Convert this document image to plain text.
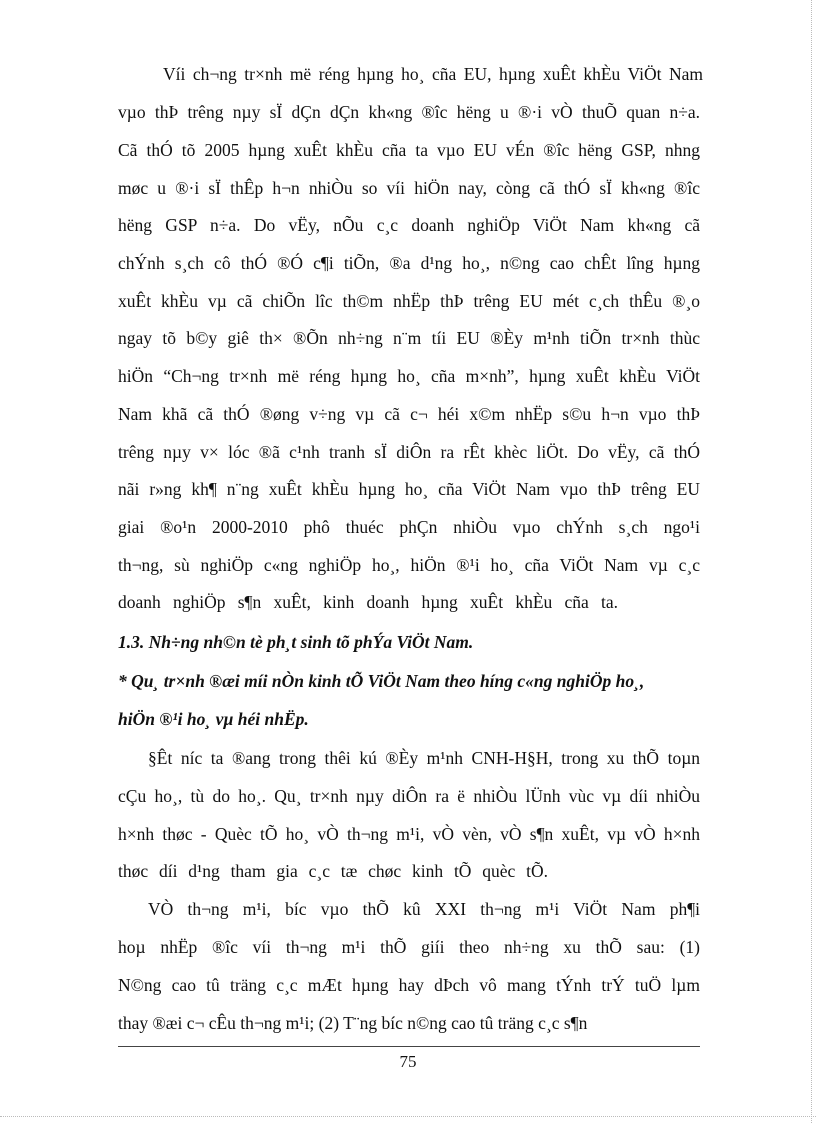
Víi ch¬ng tr×nh më réng hµng ho¸ cña EU, hµng xuÊt khÈu ViÖt Nam
vµo thÞ trêng nµy sÏ dÇn dÇn kh«ng ®îc hëng u ®·i vÒ thuÕ quan n÷a.
Cã thÓ tõ 2005 hµng xuÊt khÈu cña ta vµo EU vÉn ®îc hëng GSP, nhng
møc u ®·i sÏ thÊp h¬n nhiÒu so víi hiÖn nay, còng cã thÓ sÏ kh«ng ®îc
hëng GSP n÷a. Do vËy, nÕu c¸c doanh nghiÖp ViÖt Nam kh«ng cã
chÝnh s¸ch cô thÓ ®Ó c¶i tiÕn, ®a d¹ng ho¸, n©ng cao chÊt lîng hµng
xuÊt khÈu vµ cã chiÕn lîc th©m nhËp thÞ trêng EU mét c¸ch thÊu ®¸o
ngay tõ b©y giê th× ®Õn nh÷ng n¨m tíi EU ®Èy m¹nh tiÕn tr×nh thùc
hiÖn “Ch¬ng tr×nh më réng hµng ho¸ cña m×nh”, hµng xuÊt khÈu ViÖt
Nam khã cã thÓ ®øng v÷ng vµ cã c¬ héi x©m nhËp s©u h¬n vµo thÞ
trêng nµy v× lóc ®ã c¹nh tranh sÏ diÔn ra rÊt khèc liÖt. Do vËy, cã thÓ
nãi r»ng kh¶ n¨ng xuÊt khÈu hµng ho¸ cña ViÖt Nam vµo thÞ trêng EU
giai ®o¹n 2000-2010 phô thuéc phÇn nhiÒu vµo chÝnh s¸ch ngo¹i
th¬ng, sù nghiÖp c«ng nghiÖp ho¸, hiÖn ®¹i ho¸ cña ViÖt Nam vµ c¸c
doanh nghiÖp s¶n xuÊt, kinh doanh hµng xuÊt khÈu cña ta.
1.3. Nh÷ng nh©n tè ph¸t sinh tõ phÝa ViÖt Nam.
* Qu¸ tr×nh ®æi míi nÒn kinh tÕ ViÖt Nam theo híng c«ng nghiÖp ho¸,
hiÖn ®¹i ho¸ vµ héi nhËp.
§Êt níc ta ®ang trong thêi kú ®Èy m¹nh CNH-H§H, trong xu thÕ toµn
cÇu ho¸, tù do ho¸. Qu¸ tr×nh nµy diÔn ra ë nhiÒu lÜnh vùc vµ díi nhiÒu
h×nh thøc - Quèc tÕ ho¸ vÒ th¬ng m¹i, vÒ vèn, vÒ s¶n xuÊt, vµ vÒ h×nh
thøc díi d¹ng tham gia c¸c tæ chøc kinh tÕ quèc tÕ.
VÒ th¬ng m¹i, bíc vµo thÕ kû XXI th¬ng m¹i ViÖt Nam ph¶i
hoµ nhËp ®îc víi th¬ng m¹i thÕ giíi theo nh÷ng xu thÕ sau: (1)
N©ng cao tû träng c¸c mÆt hµng hay dÞch vô mang tÝnh trÝ tuÖ lµm
thay ®æi c¬ cÊu th¬ng m¹i; (2) T¨ng bíc n©ng cao tû träng c¸c s¶n
75
